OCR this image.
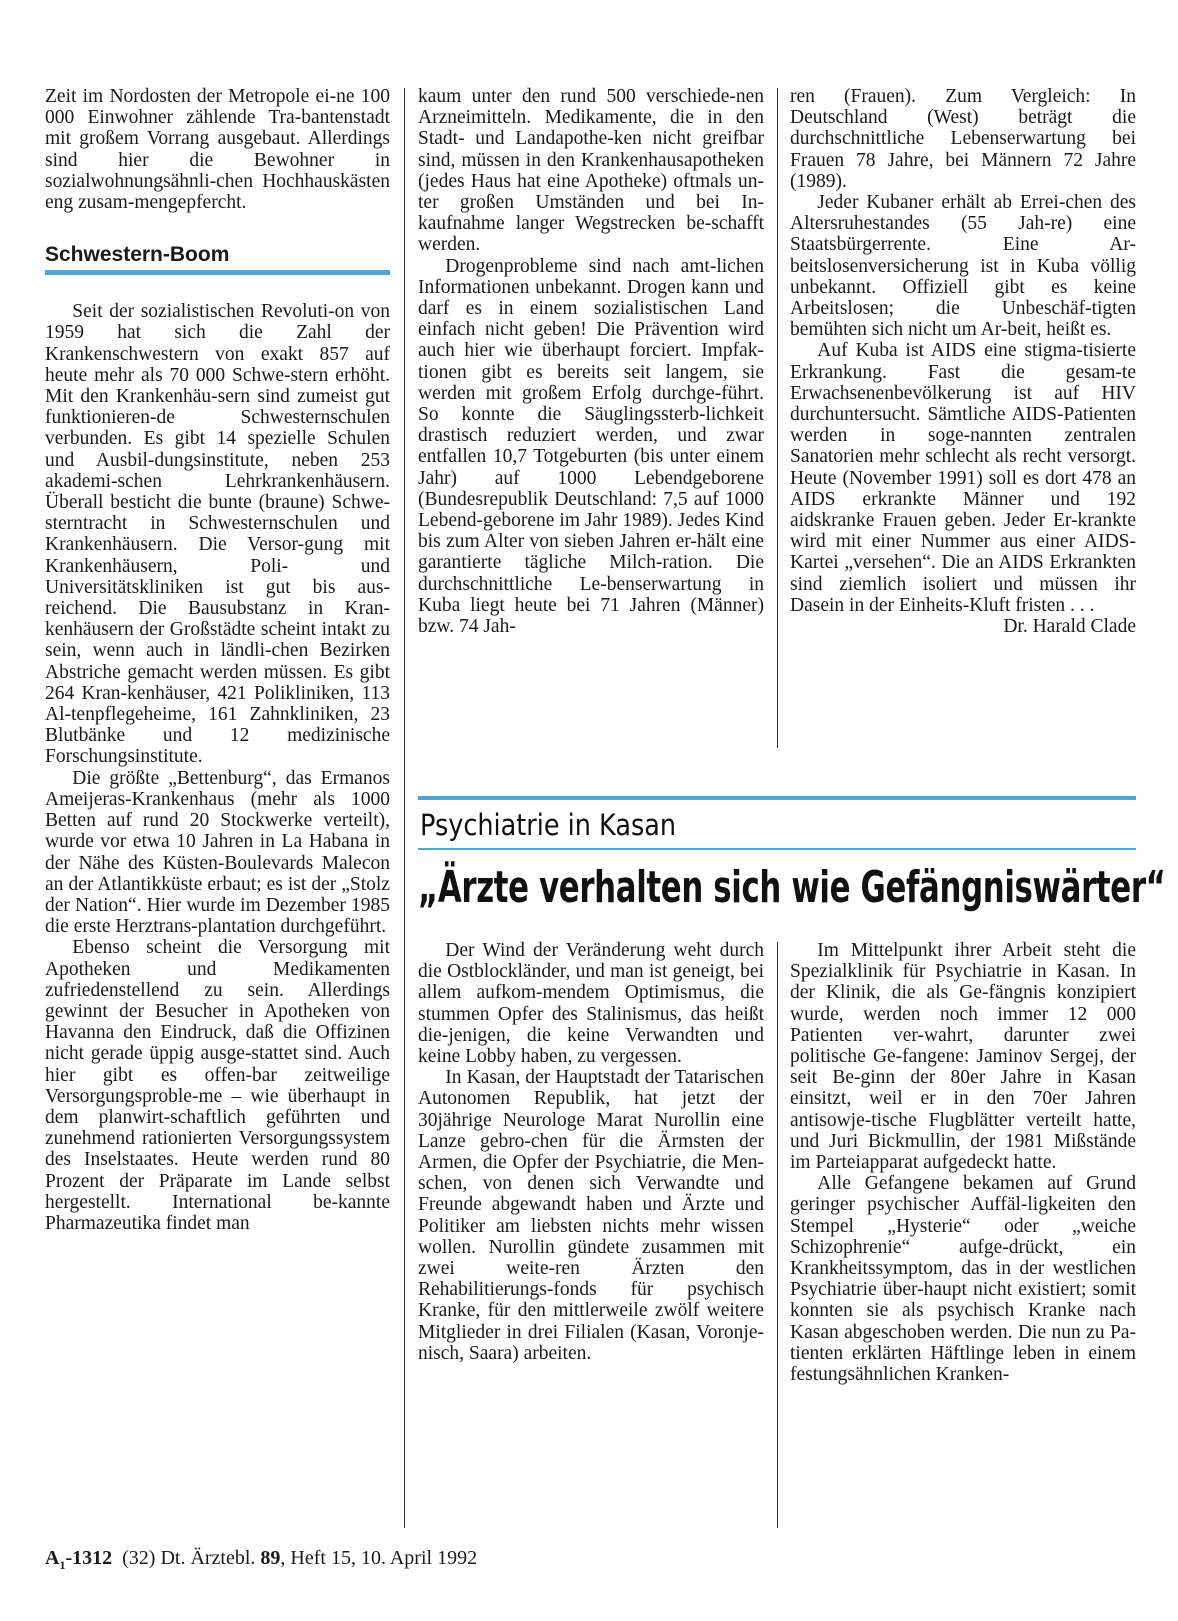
Zeit im Nordosten der Metropole ei-ne 100 000 Einwohner zählende Tra-bantenstadt mit großem Vorrang ausgebaut. Allerdings sind hier die Bewohner in sozialwohnungsähnli-chen Hochhauskästen eng zusam-mengepfercht.

Schwestern-Boom

Seit der sozialistischen Revoluti-on von 1959 hat sich die Zahl der Krankenschwestern von exakt 857 auf heute mehr als 70 000 Schwe-stern erhöht. Mit den Krankenhäu-sern sind zumeist gut funktionieren-de Schwesternschulen verbunden. Es gibt 14 spezielle Schulen und Ausbil-dungsinstitute, neben 253 akademi-schen Lehrkrankenhäusern. Überall besticht die bunte (braune) Schwe-sterntracht in Schwesternschulen und Krankenhäusern. Die Versor-gung mit Krankenhäusern, Poli- und Universitätskliniken ist gut bis aus-reichend. Die Bausubstanz in Kran-kenhäusern der Großstädte scheint intakt zu sein, wenn auch in ländli-chen Bezirken Abstriche gemacht werden müssen. Es gibt 264 Kran-kenhäuser, 421 Polikliniken, 113 Al-tenpflegeheime, 161 Zahnkliniken, 23 Blutbänke und 12 medizinische Forschungsinstitute.

Die größte „Bettenburg“, das Ermanos Ameijeras-Krankenhaus (mehr als 1000 Betten auf rund 20 Stockwerke verteilt), wurde vor etwa 10 Jahren in La Habana in der Nähe des Küsten-Boulevards Malecon an der Atlantikküste erbaut; es ist der „Stolz der Nation“. Hier wurde im Dezember 1985 die erste Herztrans-plantation durchgeführt.

Ebenso scheint die Versorgung mit Apotheken und Medikamenten zufriedenstellend zu sein. Allerdings gewinnt der Besucher in Apotheken von Havanna den Eindruck, daß die Offizinen nicht gerade üppig ausge-stattet sind. Auch hier gibt es offen-bar zeitweilige Versorgungsproble-me – wie überhaupt in dem planwirt-schaftlich geführten und zunehmend rationierten Versorgungssystem des Inselstaates. Heute werden rund 80 Prozent der Präparate im Lande selbst hergestellt. International be-kannte Pharmazeutika findet man

kaum unter den rund 500 verschiede-nen Arzneimitteln. Medikamente, die in den Stadt- und Landapothe-ken nicht greifbar sind, müssen in den Krankenhausapotheken (jedes Haus hat eine Apotheke) oftmals un-ter großen Umständen und bei In-kaufnahme langer Wegstrecken be-schafft werden.

Drogenprobleme sind nach amt-lichen Informationen unbekannt. Drogen kann und darf es in einem sozialistischen Land einfach nicht geben! Die Prävention wird auch hier wie überhaupt forciert. Impfak-tionen gibt es bereits seit langem, sie werden mit großem Erfolg durchge-führt. So konnte die Säuglingssterb-lichkeit drastisch reduziert werden, und zwar entfallen 10,7 Totgeburten (bis unter einem Jahr) auf 1000 Lebendgeborene (Bundesrepublik Deutschland: 7,5 auf 1000 Lebend-geborene im Jahr 1989). Jedes Kind bis zum Alter von sieben Jahren er-hält eine garantierte tägliche Milch-ration. Die durchschnittliche Le-benserwartung in Kuba liegt heute bei 71 Jahren (Männer) bzw. 74 Jah-

ren (Frauen). Zum Vergleich: In Deutschland (West) beträgt die durchschnittliche Lebenserwartung bei Frauen 78 Jahre, bei Männern 72 Jahre (1989).

Jeder Kubaner erhält ab Errei-chen des Altersruhestandes (55 Jah-re) eine Staatsbürgerrente. Eine Ar-beitslosenversicherung ist in Kuba völlig unbekannt. Offiziell gibt es keine Arbeitslosen; die Unbeschäf-tigten bemühten sich nicht um Ar-beit, heißt es.

Auf Kuba ist AIDS eine stigma-tisierte Erkrankung. Fast die gesam-te Erwachsenenbevölkerung ist auf HIV durchuntersucht. Sämtliche AIDS-Patienten werden in soge-nannten zentralen Sanatorien mehr schlecht als recht versorgt. Heute (November 1991) soll es dort 478 an AIDS erkrankte Männer und 192 aidskranke Frauen geben. Jeder Er-krankte wird mit einer Nummer aus einer AIDS-Kartei „versehen“. Die an AIDS Erkrankten sind ziemlich isoliert und müssen ihr Dasein in der Einheits-Kluft fristen . . .

Dr. Harald Clade

Psychiatrie in Kasan
„Ärzte verhalten sich wie Gefängniswärter“

Der Wind der Veränderung weht durch die Ostblockländer, und man ist geneigt, bei allem aufkom-mendem Optimismus, die stummen Opfer des Stalinismus, das heißt die-jenigen, die keine Verwandten und keine Lobby haben, zu vergessen.

In Kasan, der Hauptstadt der Tatarischen Autonomen Republik, hat jetzt der 30jährige Neurologe Marat Nurollin eine Lanze gebro-chen für die Ärmsten der Armen, die Opfer der Psychiatrie, die Men-schen, von denen sich Verwandte und Freunde abgewandt haben und Ärzte und Politiker am liebsten nichts mehr wissen wollen. Nurollin gündete zusammen mit zwei weite-ren Ärzten den Rehabilitierungs-fonds für psychisch Kranke, für den mittlerweile zwölf weitere Mitglieder in drei Filialen (Kasan, Voronje-nisch, Saara) arbeiten.

Im Mittelpunkt ihrer Arbeit steht die Spezialklinik für Psychiatrie in Kasan. In der Klinik, die als Ge-fängnis konzipiert wurde, werden noch immer 12 000 Patienten ver-wahrt, darunter zwei politische Ge-fangene: Jaminov Sergej, der seit Be-ginn der 80er Jahre in Kasan einsitzt, weil er in den 70er Jahren antisowje-tische Flugblätter verteilt hatte, und Juri Bickmullin, der 1981 Mißstände im Parteiapparat aufgedeckt hatte.

Alle Gefangene bekamen auf Grund geringer psychischer Auffäl-ligkeiten den Stempel „Hysterie“ oder „weiche Schizophrenie“ aufge-drückt, ein Krankheitssymptom, das in der westlichen Psychiatrie über-haupt nicht existiert; somit konnten sie als psychisch Kranke nach Kasan abgeschoben werden. Die nun zu Pa-tienten erklärten Häftlinge leben in einem festungsähnlichen Kranken-

$A_1-1312$ (32) Dt. Ärztebl. 89, Heft 15, 10. April 1992
